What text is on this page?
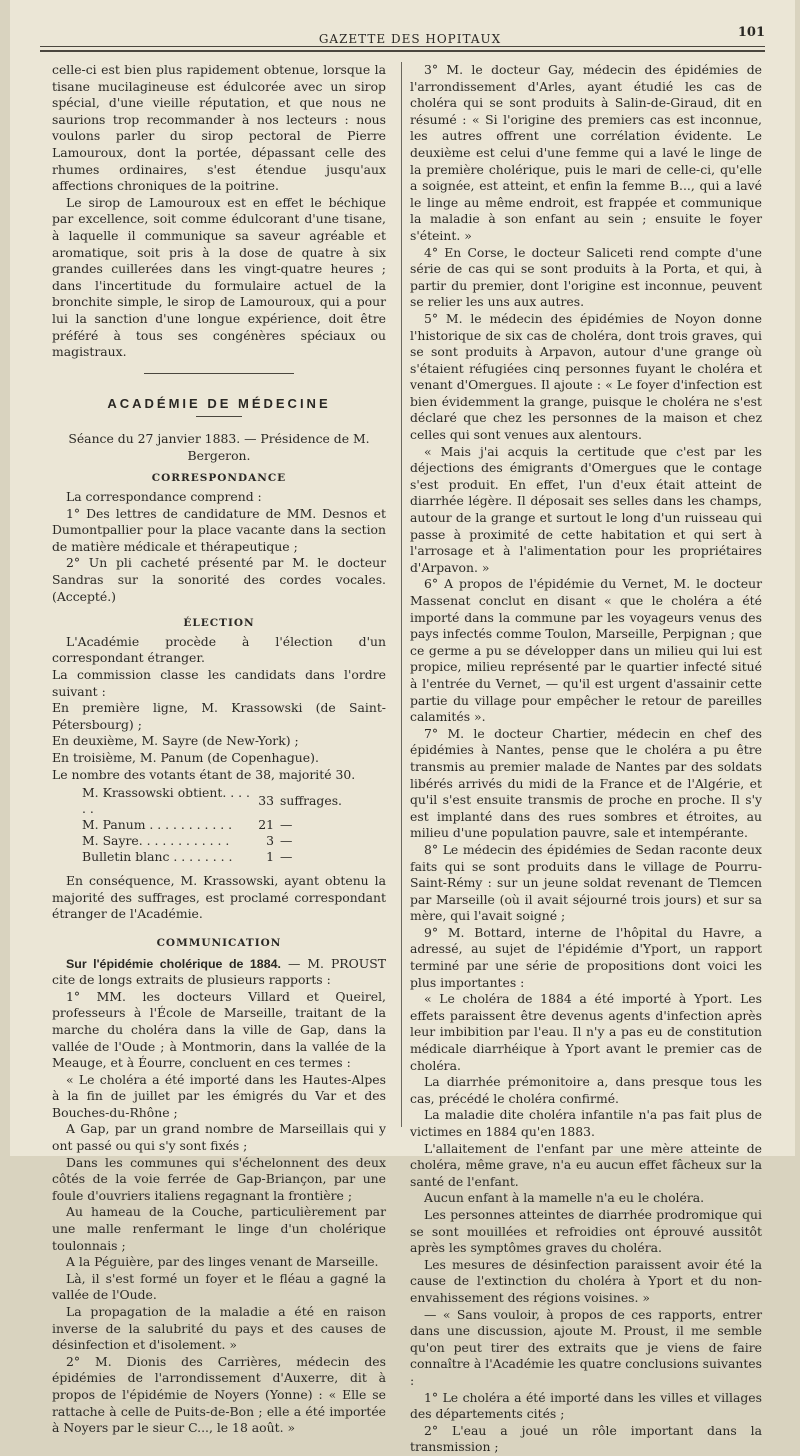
GAZETTE DES HOPITAUX	101

celle-ci est bien plus rapidement obtenue, lorsque la tisane mucilagineuse est édulcorée avec un sirop spécial, d'une vieille réputation, et que nous ne saurions trop recommander à nos lecteurs : nous voulons parler du sirop pectoral de Pierre Lamouroux, dont la portée, dépassant celle des rhumes ordinaires, s'est étendue jusqu'aux affections chroniques de la poitrine.

Le sirop de Lamouroux est en effet le béchique par excellence, soit comme édulcorant d'une tisane, à laquelle il communique sa saveur agréable et aromatique, soit pris à la dose de quatre à six grandes cuillerées dans les vingt-quatre heures ; dans l'incertitude du formulaire actuel de la bronchite simple, le sirop de Lamouroux, qui a pour lui la sanction d'une longue expérience, doit être préféré à tous ses congénères spéciaux ou magistraux.

ACADÉMIE DE MÉDECINE
Séance du 27 janvier 1883. — Présidence de M. Bergeron.
CORRESPONDANCE

La correspondance comprend :

1° Des lettres de candidature de MM. Desnos et Dumontpallier pour la place vacante dans la section de matière médicale et thérapeutique ;

2° Un pli cacheté présenté par M. le docteur Sandras sur la sonorité des cordes vocales. (Accepté.)

ÉLECTION

L'Académie procède à l'élection d'un correspondant étranger.

La commission classe les candidats dans l'ordre suivant :

En première ligne, M. Krassowski (de Saint-Pétersbourg) ;

En deuxième, M. Sayre (de New-York) ;

En troisième, M. Panum (de Copenhague).

Le nombre des votants étant de 38, majorité 30.

M. Krassowski obtient. . . . . .	33	suffrages.
M. Panum . . . . . . . . . . .	21	—
M. Sayre. . . . . . . . . . . .	3	—
Bulletin blanc . . . . . . . .	1	—

En conséquence, M. Krassowski, ayant obtenu la majorité des suffrages, est proclamé correspondant étranger de l'Académie.

COMMUNICATION

Sur l'épidémie cholérique de 1884. — M. PROUST cite de longs extraits de plusieurs rapports :

1° MM. les docteurs Villard et Queirel, professeurs à l'École de Marseille, traitant de la marche du choléra dans la ville de Gap, dans la vallée de l'Oude ; à Montmorin, dans la vallée de la Meauge, et à Éourre, concluent en ces termes :

« Le choléra a été importé dans les Hautes-Alpes à la fin de juillet par les émigrés du Var et des Bouches-du-Rhône ;

A Gap, par un grand nombre de Marseillais qui y ont passé ou qui s'y sont fixés ;

Dans les communes qui s'échelonnent des deux côtés de la voie ferrée de Gap-Briançon, par une foule d'ouvriers italiens regagnant la frontière ;

Au hameau de la Couche, particulièrement par une malle renfermant le linge d'un cholérique toulonnais ;

A la Péguière, par des linges venant de Marseille.

Là, il s'est formé un foyer et le fléau a gagné la vallée de l'Oude.

La propagation de la maladie a été en raison inverse de la salubrité du pays et des causes de désinfection et d'isolement. »

2° M. Dionis des Carrières, médecin des épidémies de l'arrondissement d'Auxerre, dit à propos de l'épidémie de Noyers (Yonne) : « Elle se rattache à celle de Puits-de-Bon ; elle a été importée à Noyers par le sieur C..., le 18 août. »

3° M. le docteur Gay, médecin des épidémies de l'arrondissement d'Arles, ayant étudié les cas de choléra qui se sont produits à Salin-de-Giraud, dit en résumé : « Si l'origine des premiers cas est inconnue, les autres offrent une corrélation évidente. Le deuxième est celui d'une femme qui a lavé le linge de la première cholérique, puis le mari de celle-ci, qu'elle a soignée, est atteint, et enfin la femme B..., qui a lavé le linge au même endroit, est frappée et communique la maladie à son enfant au sein ; ensuite le foyer s'éteint. »

4° En Corse, le docteur Saliceti rend compte d'une série de cas qui se sont produits à la Porta, et qui, à partir du premier, dont l'origine est inconnue, peuvent se relier les uns aux autres.

5° M. le médecin des épidémies de Noyon donne l'historique de six cas de choléra, dont trois graves, qui se sont produits à Arpavon, autour d'une grange où s'étaient réfugiées cinq personnes fuyant le choléra et venant d'Omergues. Il ajoute : « Le foyer d'infection est bien évidemment la grange, puisque le choléra ne s'est déclaré que chez les personnes de la maison et chez celles qui sont venues aux alentours.

« Mais j'ai acquis la certitude que c'est par les déjections des émigrants d'Omergues que le contage s'est produit. En effet, l'un d'eux était atteint de diarrhée légère. Il déposait ses selles dans les champs, autour de la grange et surtout le long d'un ruisseau qui passe à proximité de cette habitation et qui sert à l'arrosage et à l'alimentation pour les propriétaires d'Arpavon. »

6° A propos de l'épidémie du Vernet, M. le docteur Massenat conclut en disant « que le choléra a été importé dans la commune par les voyageurs venus des pays infectés comme Toulon, Marseille, Perpignan ; que ce germe a pu se développer dans un milieu qui lui est propice, milieu représenté par le quartier infecté situé à l'entrée du Vernet, — qu'il est urgent d'assainir cette partie du village pour empêcher le retour de pareilles calamités ».

7° M. le docteur Chartier, médecin en chef des épidémies à Nantes, pense que le choléra a pu être transmis au premier malade de Nantes par des soldats libérés arrivés du midi de la France et de l'Algérie, et qu'il s'est ensuite transmis de proche en proche. Il s'y est implanté dans des rues sombres et étroites, au milieu d'une population pauvre, sale et intempérante.

8° Le médecin des épidémies de Sedan raconte deux faits qui se sont produits dans le village de Pourru-Saint-Rémy : sur un jeune soldat revenant de Tlemcen par Marseille (où il avait séjourné trois jours) et sur sa mère, qui l'avait soigné ;

9° M. Bottard, interne de l'hôpital du Havre, a adressé, au sujet de l'épidémie d'Yport, un rapport terminé par une série de propositions dont voici les plus importantes :

« Le choléra de 1884 a été importé à Yport. Les effets paraissent être devenus agents d'infection après leur imbibition par l'eau. Il n'y a pas eu de constitution médicale diarrhéique à Yport avant le premier cas de choléra.

La diarrhée prémonitoire a, dans presque tous les cas, précédé le choléra confirmé.

La maladie dite choléra infantile n'a pas fait plus de victimes en 1884 qu'en 1883.

L'allaitement de l'enfant par une mère atteinte de choléra, même grave, n'a eu aucun effet fâcheux sur la santé de l'enfant.

Aucun enfant à la mamelle n'a eu le choléra.

Les personnes atteintes de diarrhée prodromique qui se sont mouillées et refroidies ont éprouvé aussitôt après les symptômes graves du choléra.

Les mesures de désinfection paraissent avoir été la cause de l'extinction du choléra à Yport et du non-envahissement des régions voisines. »

— « Sans vouloir, à propos de ces rapports, entrer dans une discussion, ajoute M. Proust, il me semble qu'on peut tirer des extraits que je viens de faire connaître à l'Académie les quatre conclusions suivantes :

1° Le choléra a été importé dans les villes et villages des départements cités ;

2° L'eau a joué un rôle important dans la transmission ;
